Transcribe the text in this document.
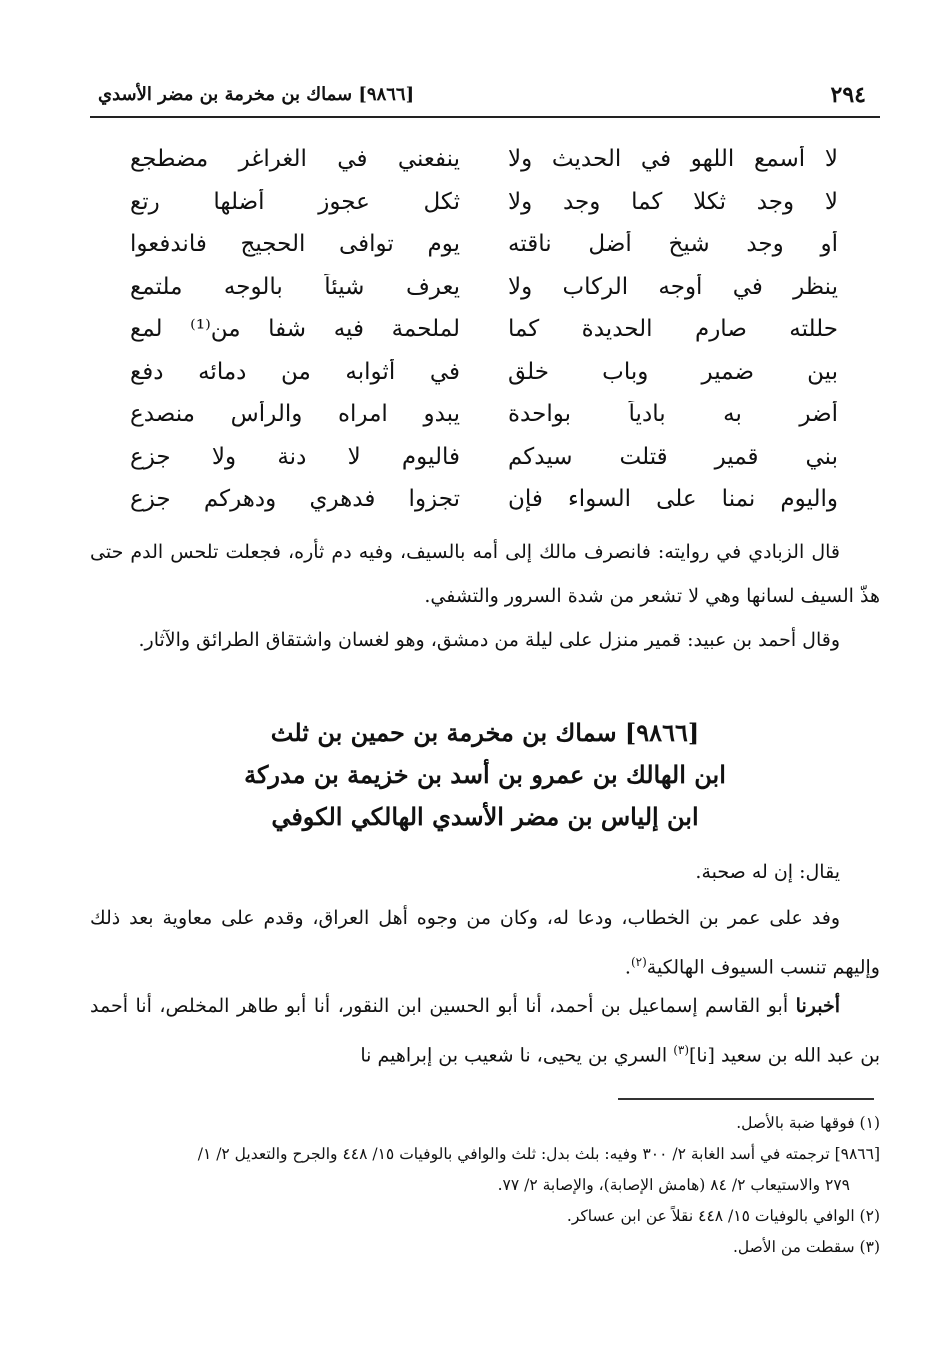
٢٩٤
[٩٨٦٦] سماك بن مخرمة بن مضر الأسدي
لا أسمع اللهو في الحديث ولا
ينفعني في الغراغر مضطجع
لا وجد ثكلا كما وجد ولا
ثكل عجوز أضلها رتع
أو وجد شيخ أضل ناقته
يوم توافى الحجيج فاندفعوا
ينظر في أوجه الركاب ولا
يعرف شيئاً بالوجه ملتمع
حللته صارم الحديدة كما
لملحمة فيه شفا من⁽¹⁾ لمع
بين ضمير وباب خلق
في أثوابه من دمائه دفع
أضر به بادياً بواحدة
يبدو امراه والرأس منصدع
بني قمير قتلت سيدكم
فاليوم لا دنة ولا جزع
واليوم نمنا على السواء فإن
تجزوا فدهري ودهركم جزع
قال الزبادي في روايته: فانصرف مالك إلى أمه بالسيف، وفيه دم ثأره، فجعلت تلحس الدم حتى هذّ السيف لسانها وهي لا تشعر من شدة السرور والتشفي.
وقال أحمد بن عبيد: قمير منزل على ليلة من دمشق، وهو لغسان واشتقاق الطرائق والآثار.
[٩٨٦٦] سماك بن مخرمة بن حمين بن ثلث
ابن الهالك بن عمرو بن أسد بن خزيمة بن مدركة
ابن إلياس بن مضر الأسدي الهالكي الكوفي
يقال: إن له صحبة.
وفد على عمر بن الخطاب، ودعا له، وكان من وجوه أهل العراق، وقدم على معاوية بعد ذلك وإليهم تنسب السيوف الهالكية$^{(٢)}$.
أخبرنا أبو القاسم إسماعيل بن أحمد، أنا أبو الحسين ابن النقور، أنا أبو طاهر المخلص، أنا أحمد بن عبد الله بن سعيد [نا]$^{(٣)}$ السري بن يحيى، نا شعيب بن إبراهيم نا
(١) فوقها ضبة بالأصل.
[٩٨٦٦] ترجمته في أسد الغابة ٢/ ٣٠٠ وفيه: بلث بدل: ثلث والوافي بالوفيات ١٥/ ٤٤٨ والجرح والتعديل ٢/ ١/
٢٧٩ والاستيعاب ٢/ ٨٤ (هامش الإصابة)، والإصابة ٢/ ٧٧.
(٢) الوافي بالوفيات ١٥/ ٤٤٨ نقلاً عن ابن عساكر.
(٣) سقطت من الأصل.
